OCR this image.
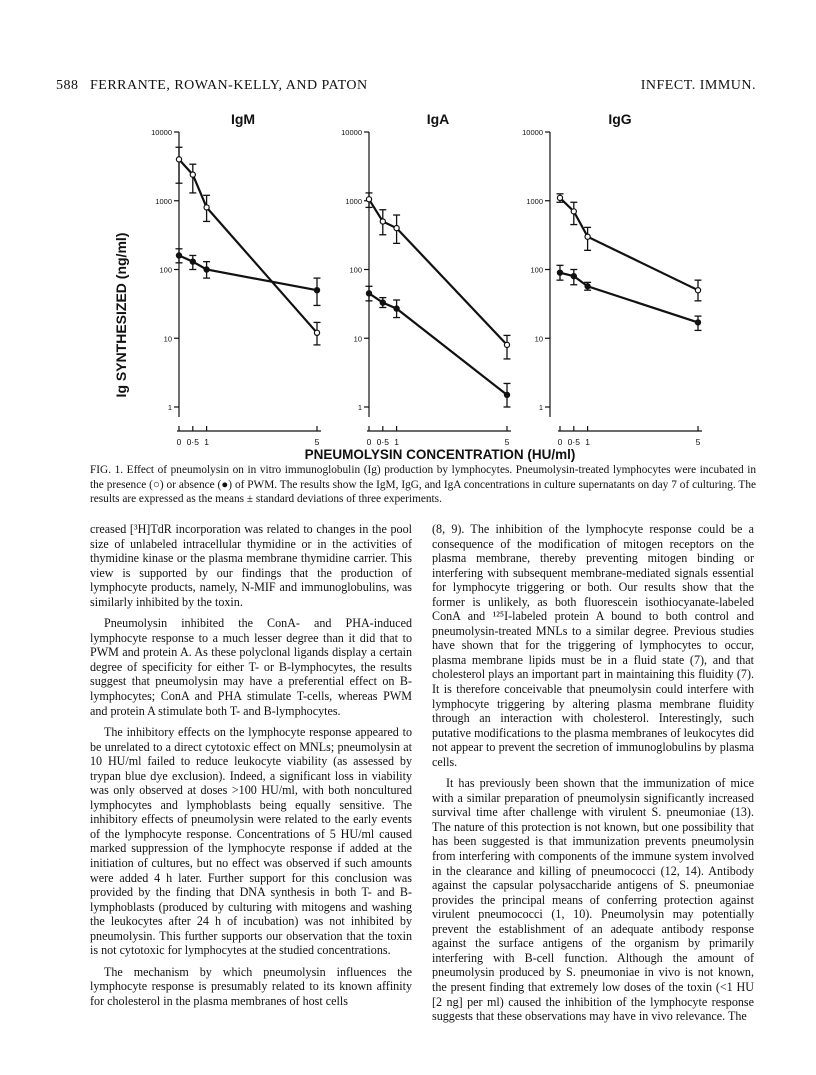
588 FERRANTE, ROWAN-KELLY, AND PATON	INFECT. IMMUN.
IgM
10000
1000
100
10
1
0 0·5 1	5
IgA
10000
1000
100
10
1
0 0·5 1	5
IgG
10000
1000
100
10
1
0 0·5 1	5
Ig SYNTHESIZED (ng/ml)
PNEUMOLYSIN CONCENTRATION (HU/ml)
FIG. 1. Effect of pneumolysin on in vitro immunoglobulin (Ig) production by lymphocytes. Pneumolysin-treated lymphocytes were incubated in the presence (○) or absence (●) of PWM. The results show the IgM, IgG, and IgA concentrations in culture supernatants on day 7 of culturing. The results are expressed as the means ± standard deviations of three experiments.

creased [³H]TdR incorporation was related to changes in the pool size of unlabeled intracellular thymidine or in the activities of thymidine kinase or the plasma membrane thymidine carrier. This view is supported by our findings that the production of lymphocyte products, namely, N-MIF and immunoglobulins, was similarly inhibited by the toxin.

Pneumolysin inhibited the ConA- and PHA-induced lymphocyte response to a much lesser degree than it did that to PWM and protein A. As these polyclonal ligands display a certain degree of specificity for either T- or B-lymphocytes, the results suggest that pneumolysin may have a preferential effect on B-lymphocytes; ConA and PHA stimulate T-cells, whereas PWM and protein A stimulate both T- and B-lymphocytes.

The inhibitory effects on the lymphocyte response appeared to be unrelated to a direct cytotoxic effect on MNLs; pneumolysin at 10 HU/ml failed to reduce leukocyte viability (as assessed by trypan blue dye exclusion). Indeed, a significant loss in viability was only observed at doses >100 HU/ml, with both noncultured lymphocytes and lymphoblasts being equally sensitive. The inhibitory effects of pneumolysin were related to the early events of the lymphocyte response. Concentrations of 5 HU/ml caused marked suppression of the lymphocyte response if added at the initiation of cultures, but no effect was observed if such amounts were added 4 h later. Further support for this conclusion was provided by the finding that DNA synthesis in both T- and B-lymphoblasts (produced by culturing with mitogens and washing the leukocytes after 24 h of incubation) was not inhibited by pneumolysin. This further supports our observation that the toxin is not cytotoxic for lymphocytes at the studied concentrations.

The mechanism by which pneumolysin influences the lymphocyte response is presumably related to its known affinity for cholesterol in the plasma membranes of host cells

(8, 9). The inhibition of the lymphocyte response could be a consequence of the modification of mitogen receptors on the plasma membrane, thereby preventing mitogen binding or interfering with subsequent membrane-mediated signals essential for lymphocyte triggering or both. Our results show that the former is unlikely, as both fluorescein isothiocyanate-labeled ConA and ¹²⁵I-labeled protein A bound to both control and pneumolysin-treated MNLs to a similar degree. Previous studies have shown that for the triggering of lymphocytes to occur, plasma membrane lipids must be in a fluid state (7), and that cholesterol plays an important part in maintaining this fluidity (7). It is therefore conceivable that pneumolysin could interfere with lymphocyte triggering by altering plasma membrane fluidity through an interaction with cholesterol. Interestingly, such putative modifications to the plasma membranes of leukocytes did not appear to prevent the secretion of immunoglobulins by plasma cells.

It has previously been shown that the immunization of mice with a similar preparation of pneumolysin significantly increased survival time after challenge with virulent S. pneumoniae (13). The nature of this protection is not known, but one possibility that has been suggested is that immunization prevents pneumolysin from interfering with components of the immune system involved in the clearance and killing of pneumococci (12, 14). Antibody against the capsular polysaccharide antigens of S. pneumoniae provides the principal means of conferring protection against virulent pneumococci (1, 10). Pneumolysin may potentially prevent the establishment of an adequate antibody response against the surface antigens of the organism by primarily interfering with B-cell function. Although the amount of pneumolysin produced by S. pneumoniae in vivo is not known, the present finding that extremely low doses of the toxin (<1 HU [2 ng] per ml) caused the inhibition of the lymphocyte response suggests that these observations may have in vivo relevance. The
